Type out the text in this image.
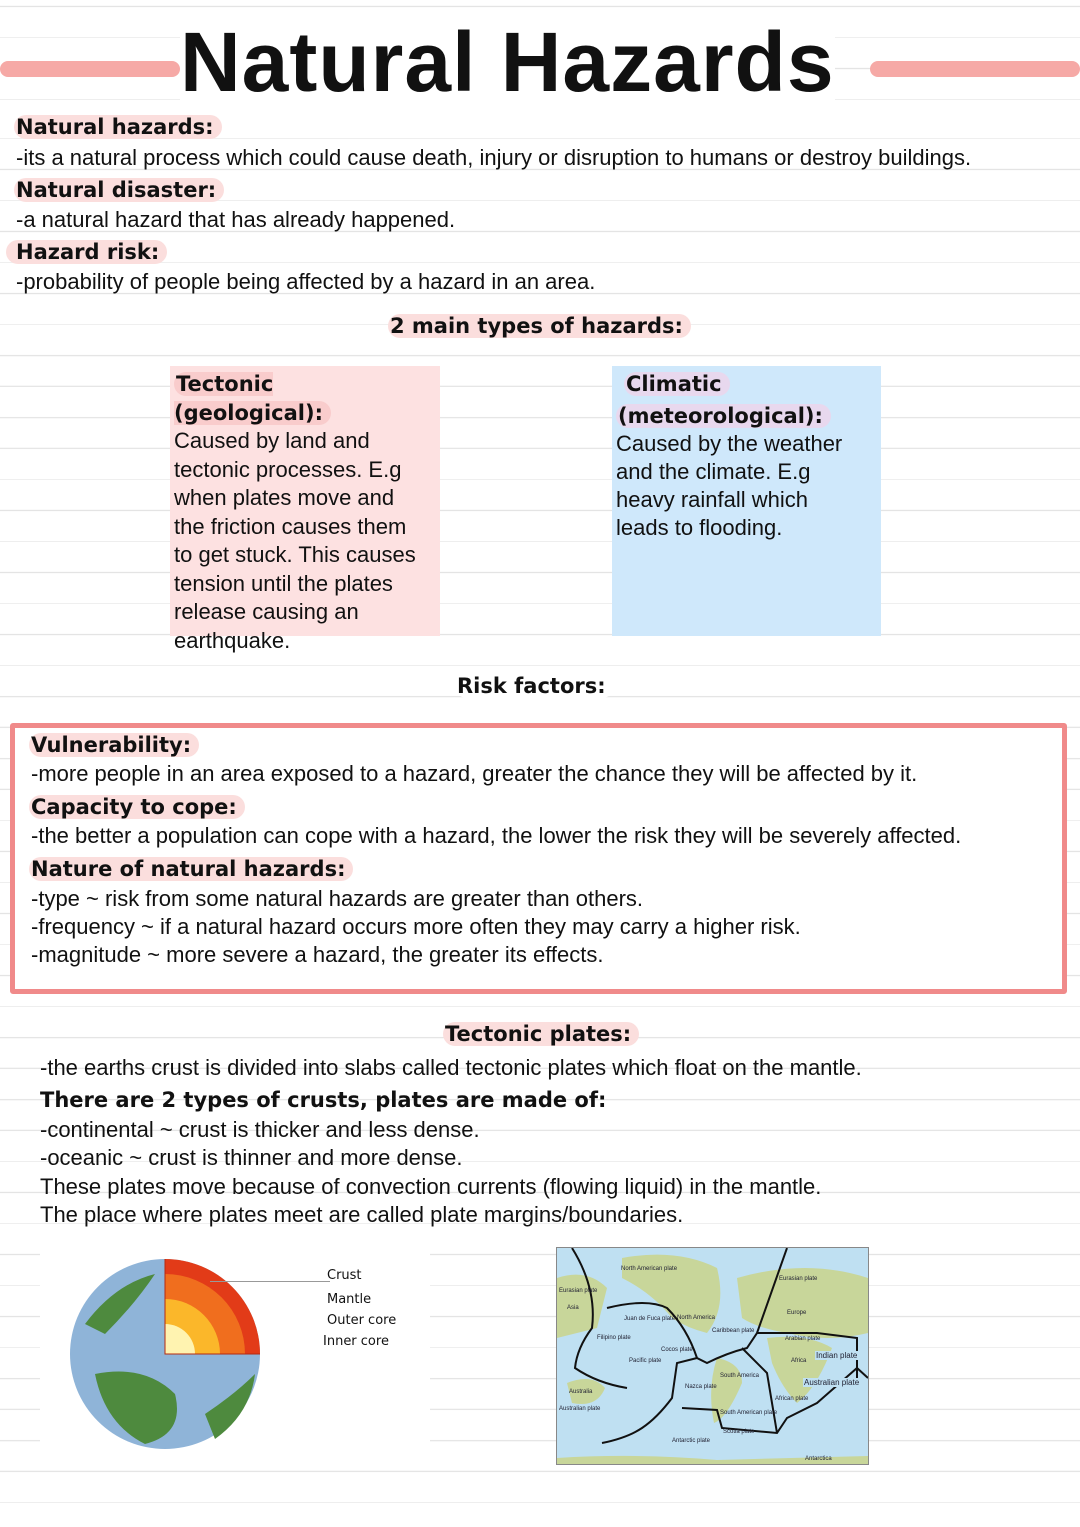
Natural Hazards
Natural hazards:
-its a natural process which could cause death, injury or disruption to humans or destroy buildings.
Natural disaster:
-a natural hazard that has already happened.
Hazard risk:
-probability of people being affected by a hazard in an area.
2 main types of hazards:
Tectonic (geological):
Caused by land and
tectonic processes. E.g
when plates move and
the friction causes them
to get stuck. This causes
tension until the plates
release causing an
earthquake.
Climatic
(meteorological):
Caused by the weather
and the climate. E.g
heavy rainfall which
leads to flooding.
Risk factors:
Vulnerability:
-more people in an area exposed to a hazard, greater the chance they will be affected by it.
Capacity to cope:
-the better a population can cope with a hazard, the lower the risk they will be severely affected.
Nature of natural hazards:
-type ~ risk from some natural hazards are greater than others.
-frequency ~ if a natural hazard occurs more often they may carry a higher risk.
-magnitude ~ more severe a hazard, the greater its effects.
Tectonic plates:
-the earths crust is divided into slabs called tectonic plates which float on the mantle.
There are 2 types of crusts, plates are made of:
-continental ~ crust is thicker and less dense.
-oceanic ~ crust is thinner and more dense.
These plates move because of convection currents (flowing liquid) in the mantle.
The place where plates meet are called plate margins/boundaries.
Crust
Mantle
Outer core
Inner core
North American plate
Eurasian plate
Asia
Eurasian plate
Europe
Juan de Fuca plate North America
Filipino plate
Caribbean plate
Arabian plate
Africa
Indian plate
Cocos plate
Pacific plate
South America
Australian plate
Australia
Nazca plate
African plate
Australian plate
South American plate
Scotia plate
Antarctic plate
Antarctica
